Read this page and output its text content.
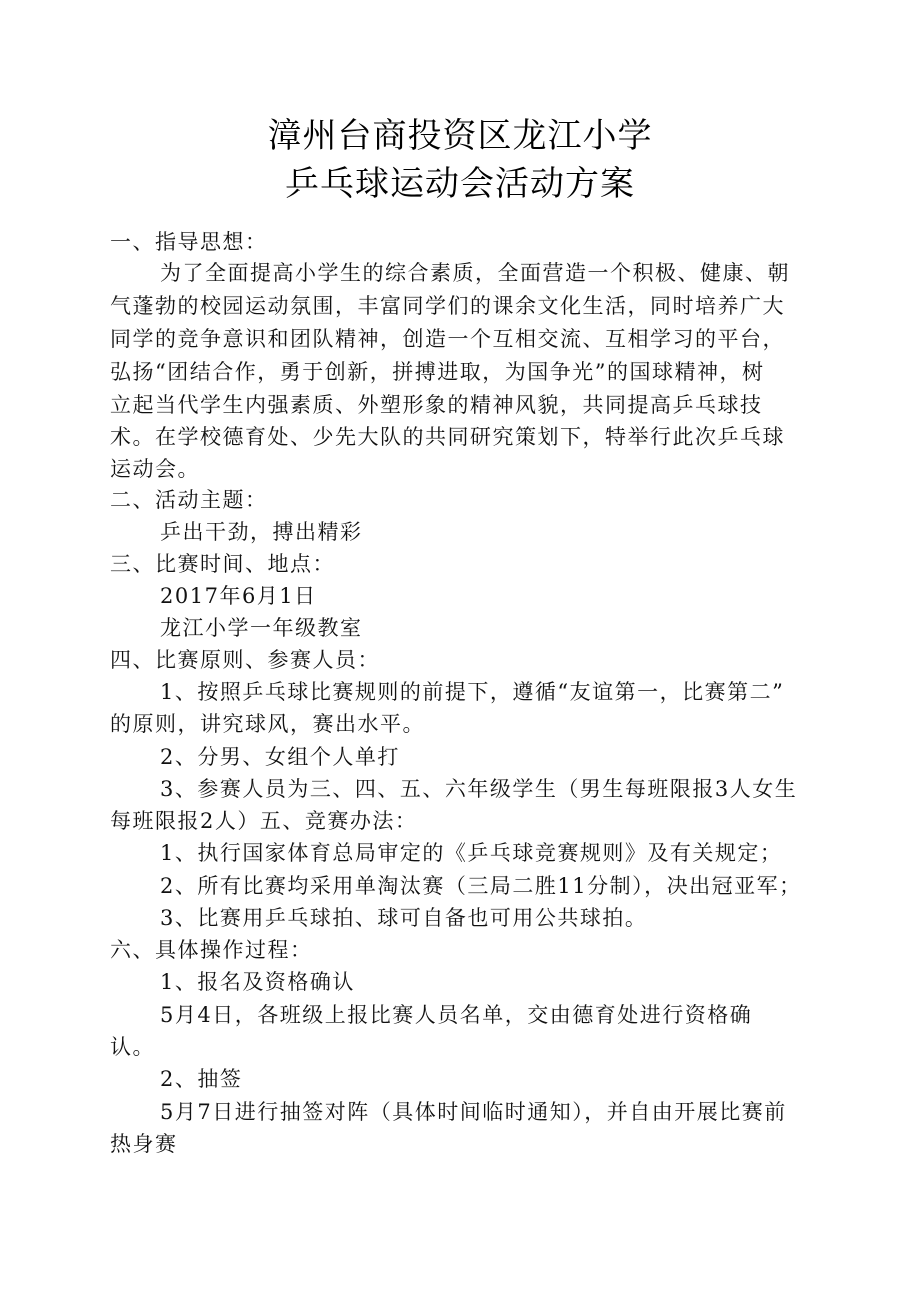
漳州台商投资区龙江小学
乒乓球运动会活动方案
一、指导思想：
为了全面提高小学生的综合素质，全面营造一个积极、健康、朝
气蓬勃的校园运动氛围，丰富同学们的课余文化生活，同时培养广大
同学的竞争意识和团队精神，创造一个互相交流、互相学习的平台，
弘扬“团结合作，勇于创新，拼搏进取，为国争光”的国球精神，树
立起当代学生内强素质、外塑形象的精神风貌，共同提高乒乓球技
术。在学校德育处、少先大队的共同研究策划下，特举行此次乒乓球
运动会。
二、活动主题：
乒出干劲，搏出精彩
三、比赛时间、地点：
2017年6月1日
龙江小学一年级教室
四、比赛原则、参赛人员：
1、按照乒乓球比赛规则的前提下，遵循“友谊第一，比赛第二”
的原则，讲究球风，赛出水平。
2、分男、女组个人单打
3、参赛人员为三、四、五、六年级学生（男生每班限报3人女生
每班限报2人）五、竞赛办法：
1、执行国家体育总局审定的《乒乓球竞赛规则》及有关规定；
2、所有比赛均采用单淘汰赛（三局二胜11分制），决出冠亚军；
3、比赛用乒乓球拍、球可自备也可用公共球拍。
六、具体操作过程：
1、报名及资格确认
5月4日，各班级上报比赛人员名单，交由德育处进行资格确
认。
2、抽签
5月7日进行抽签对阵（具体时间临时通知），并自由开展比赛前
热身赛
